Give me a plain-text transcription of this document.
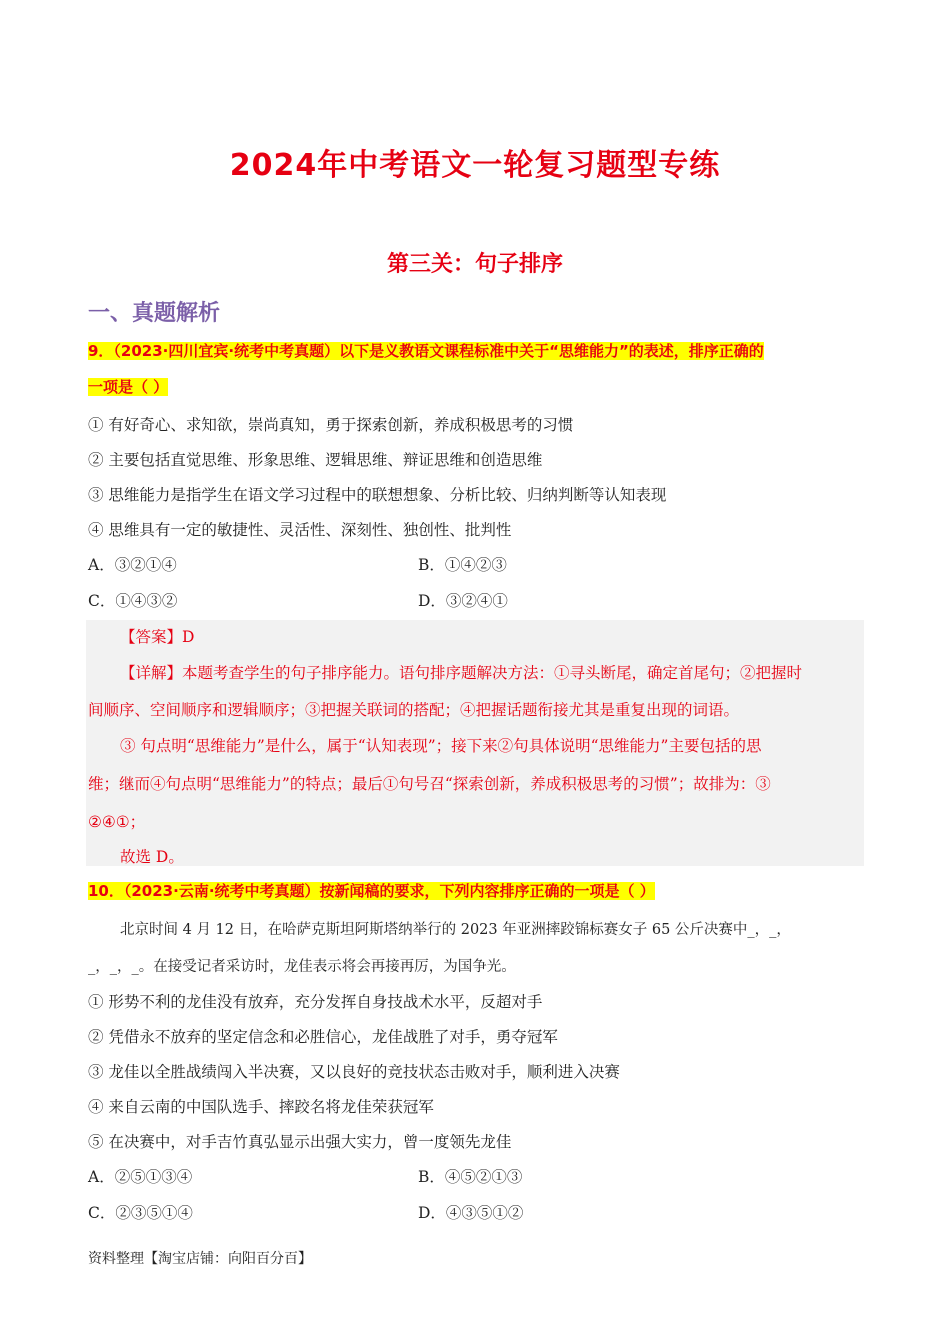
2024年中考语文一轮复习题型专练
第三关：句子排序
一、真题解析
9．（2023·四川宜宾·统考中考真题）以下是义教语文课程标准中关于“思维能力”的表述，排序正确的
一项是（ ）
① 有好奇心、求知欲，崇尚真知，勇于探索创新，养成积极思考的习惯
② 主要包括直觉思维、形象思维、逻辑思维、辩证思维和创造思维
③ 思维能力是指学生在语文学习过程中的联想想象、分析比较、归纳判断等认知表现
④ 思维具有一定的敏捷性、灵活性、深刻性、独创性、批判性
A．③②①④	B．①④②③
C．①④③②	D．③②④①
【答案】D
【详解】本题考查学生的句子排序能力。语句排序题解决方法：①寻头断尾，确定首尾句；②把握时
间顺序、空间顺序和逻辑顺序；③把握关联词的搭配；④把握话题衔接尤其是重复出现的词语。
③ 句点明“思维能力”是什么，属于“认知表现”；接下来②句具体说明“思维能力”主要包括的思
维；继而④句点明“思维能力”的特点；最后①句号召“探索创新，养成积极思考的习惯”；故排为：③
②④①；
故选 D。
10．（2023·云南·统考中考真题）按新闻稿的要求，下列内容排序正确的一项是（ ）
北京时间 4 月 12 日，在哈萨克斯坦阿斯塔纳举行的 2023 年亚洲摔跤锦标赛女子 65 公斤决赛中_，_，
_，_，_。在接受记者采访时，龙佳表示将会再接再厉，为国争光。
① 形势不利的龙佳没有放弃，充分发挥自身技战术水平，反超对手
② 凭借永不放弃的坚定信念和必胜信心，龙佳战胜了对手，勇夺冠军
③ 龙佳以全胜战绩闯入半决赛，又以良好的竞技状态击败对手，顺利进入决赛
④ 来自云南的中国队选手、摔跤名将龙佳荣获冠军
⑤ 在决赛中，对手吉竹真弘显示出强大实力，曾一度领先龙佳
A．②⑤①③④	B．④⑤②①③
C．②③⑤①④	D．④③⑤①②
资料整理【淘宝店铺：向阳百分百】
